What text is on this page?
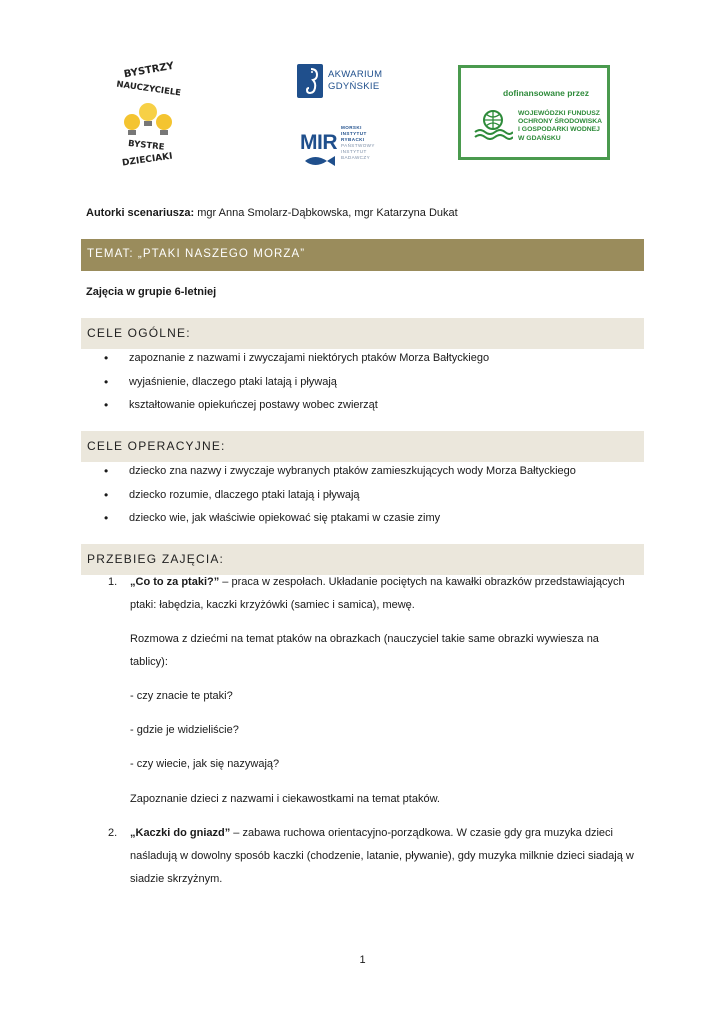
BYSTRZY
NAUCZYCIELE
BYSTRE
DZIECIAKI
AKWARIUM
GDYŃSKIE
MIR
MORSKI
INSTYTUT
RYBACKI
PAŃSTWOWY
INSTYTUT
BADAWCZY
dofinansowane przez
WOJEWÓDZKI FUNDUSZ
OCHRONY ŚRODOWISKA
I GOSPODARKI WODNEJ
W GDAŃSKU
Autorki scenariusza: mgr Anna Smolarz-Dąbkowska, mgr Katarzyna Dukat
TEMAT: „PTAKI NASZEGO MORZA”
Zajęcia w grupie 6-letniej
CELE OGÓLNE:
• zapoznanie z nazwami i zwyczajami niektórych ptaków Morza Bałtyckiego
• wyjaśnienie, dlaczego ptaki latają i pływają
• kształtowanie opiekuńczej postawy wobec zwierząt
CELE OPERACYJNE:
• dziecko zna nazwy i zwyczaje wybranych ptaków zamieszkujących wody Morza Bałtyckiego
• dziecko rozumie, dlaczego ptaki latają i pływają
• dziecko wie, jak właściwie opiekować się ptakami w czasie zimy
PRZEBIEG ZAJĘCIA:
1. „Co to za ptaki?” – praca w zespołach. Układanie pociętych na kawałki obrazków przedstawiających
ptaki: łabędzia, kaczki krzyżówki (samiec i samica), mewę.
Rozmowa z dziećmi na temat ptaków na obrazkach (nauczyciel takie same obrazki wywiesza na
tablicy):
- czy znacie te ptaki?
- gdzie je widzieliście?
- czy wiecie, jak się nazywają?
Zapoznanie dzieci z nazwami i ciekawostkami na temat ptaków.
2. „Kaczki do gniazd” – zabawa ruchowa orientacyjno-porządkowa. W czasie gdy gra muzyka dzieci
naśladują w dowolny sposób kaczki (chodzenie, latanie, pływanie), gdy muzyka milknie dzieci siadają w
siadzie skrzyżnym.
1
